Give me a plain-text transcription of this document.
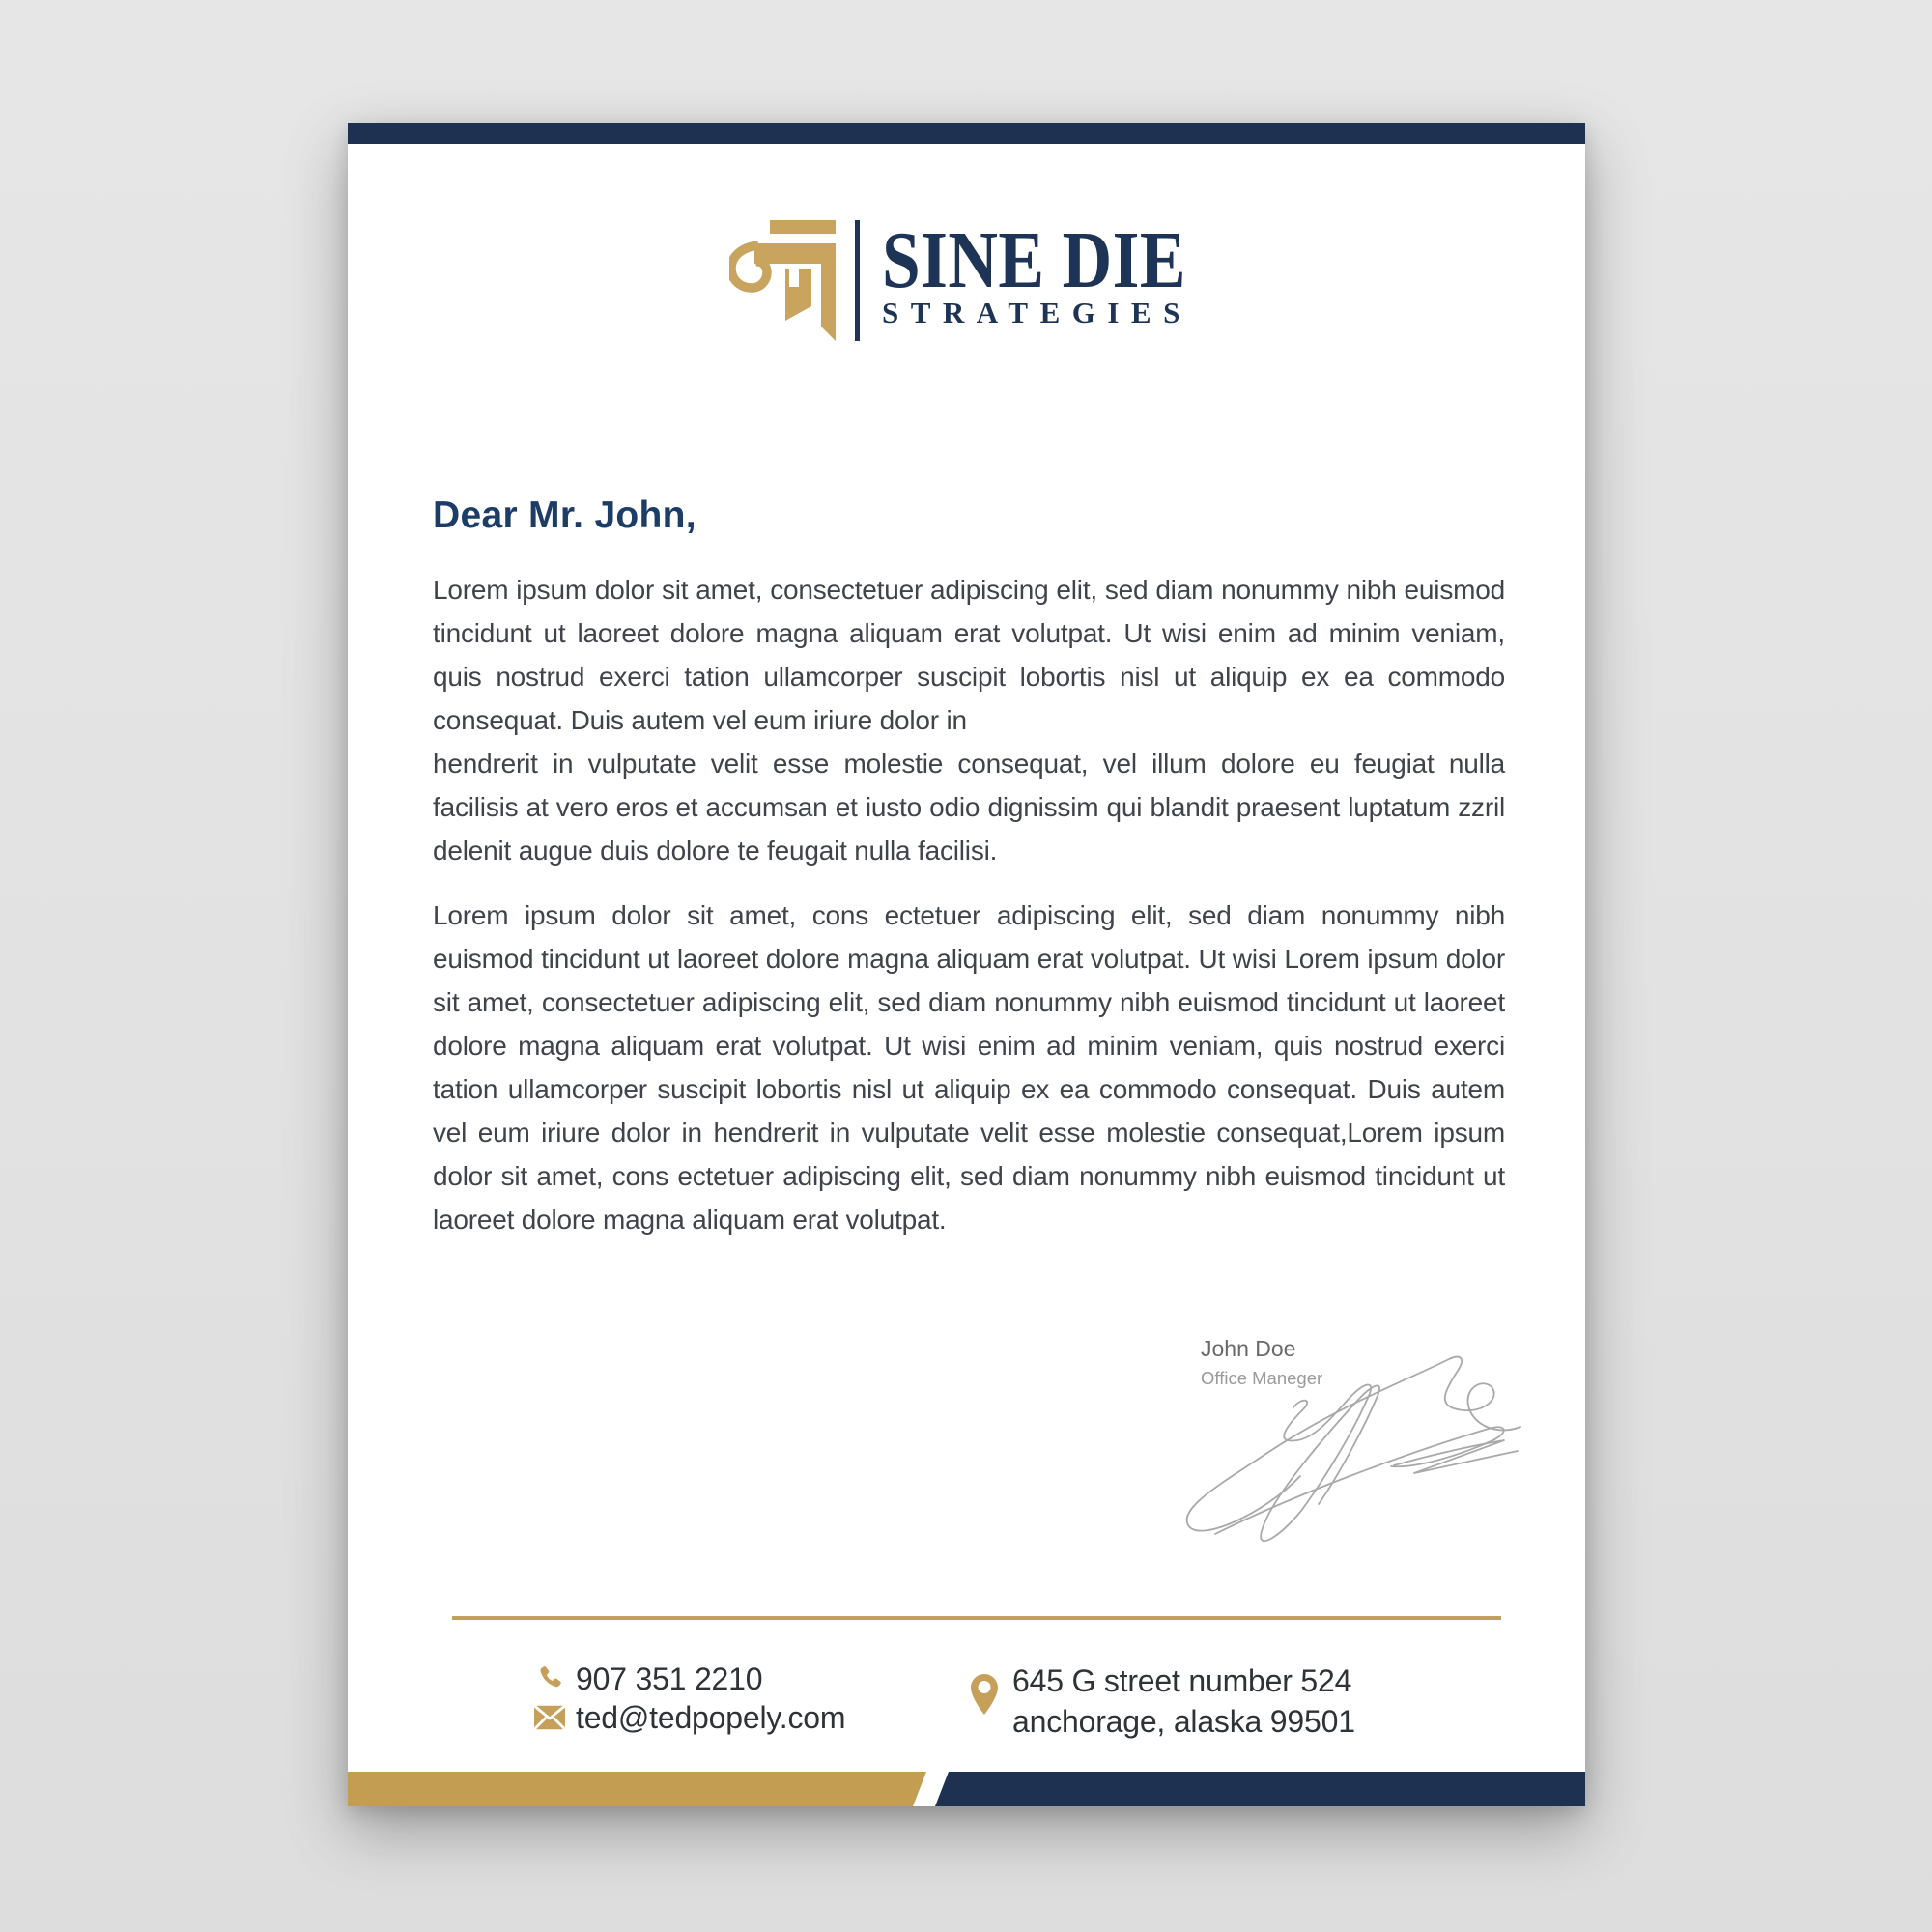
SINE DIE
STRATEGIES
Dear Mr. John,

Lorem ipsum dolor sit amet, consectetuer adipiscing elit, sed diam nonummy nibh euismod tincidunt ut laoreet dolore magna aliquam erat volutpat. Ut wisi enim ad minim veniam, quis nostrud exerci tation ullamcorper suscipit lobortis nisl ut aliquip ex ea commodo consequat. Duis autem vel eum iriure dolor in

hendrerit in vulputate velit esse molestie consequat, vel illum dolore eu feugiat nulla facilisis at vero eros et accumsan et iusto odio dignissim qui blandit praesent luptatum zzril delenit augue duis dolore te feugait nulla facilisi.

Lorem ipsum dolor sit amet, cons ectetuer adipiscing elit, sed diam nonummy nibh euismod tincidunt ut laoreet dolore magna aliquam erat volutpat. Ut wisi Lorem ipsum dolor sit amet, consectetuer adipiscing elit, sed diam nonummy nibh euismod tincidunt ut laoreet dolore magna aliquam erat volutpat. Ut wisi enim ad minim veniam, quis nostrud exerci tation ullamcorper suscipit lobortis nisl ut aliquip ex ea commodo consequat. Duis autem vel eum iriure dolor in hendrerit in vulputate velit esse molestie consequat,Lorem ipsum dolor sit amet, cons ectetuer adipiscing elit, sed diam nonummy nibh euismod tincidunt ut laoreet dolore magna aliquam erat volutpat.

John Doe
Office Maneger
907 351 2210
ted@tedpopely.com
645 G street number 524
anchorage, alaska 99501
